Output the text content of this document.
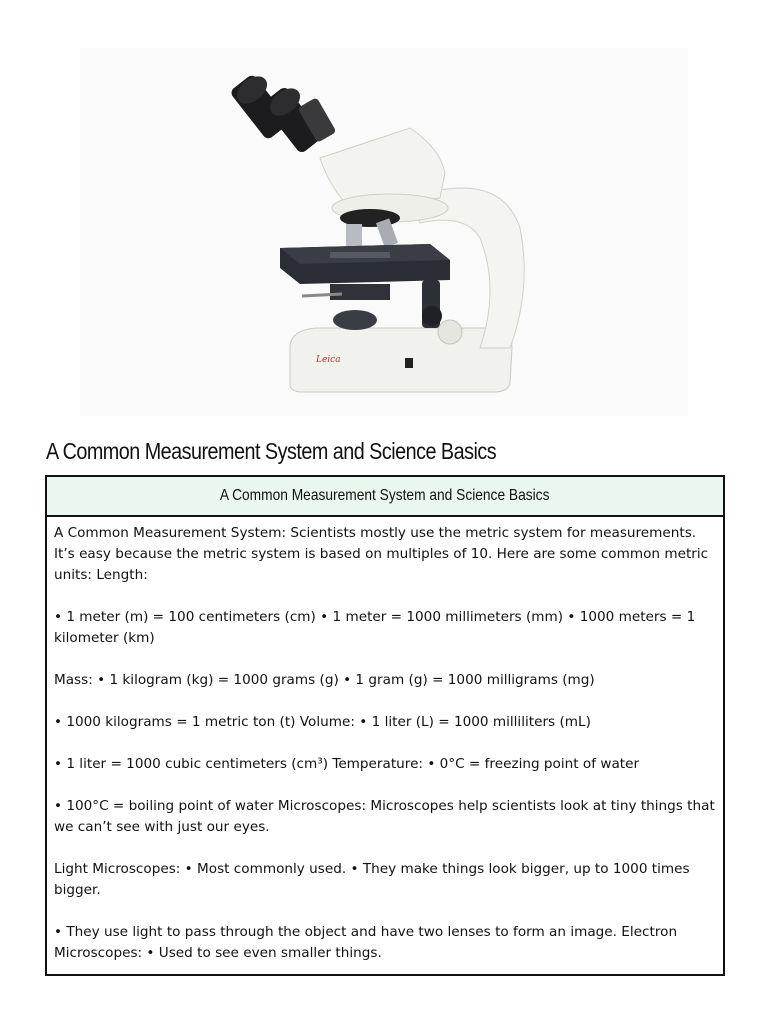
Leica
A Common Measurement System and Science Basics
A Common Measurement System and Science Basics

A Common Measurement System: Scientists mostly use the metric system for measurements. It’s easy because the metric system is based on multiples of 10. Here are some common metric units: Length:

• 1 meter (m) = 100 centimeters (cm) • 1 meter = 1000 millimeters (mm) • 1000 meters = 1 kilometer (km)

Mass: • 1 kilogram (kg) = 1000 grams (g) • 1 gram (g) = 1000 milligrams (mg)

• 1000 kilograms = 1 metric ton (t) Volume: • 1 liter (L) = 1000 milliliters (mL)

• 1 liter = 1000 cubic centimeters (cm³) Temperature: • 0°C = freezing point of water

• 100°C = boiling point of water Microscopes: Microscopes help scientists look at tiny things that we can’t see with just our eyes.

Light Microscopes: • Most commonly used. • They make things look bigger, up to 1000 times bigger.

• They use light to pass through the object and have two lenses to form an image. Electron Microscopes: • Used to see even smaller things.
